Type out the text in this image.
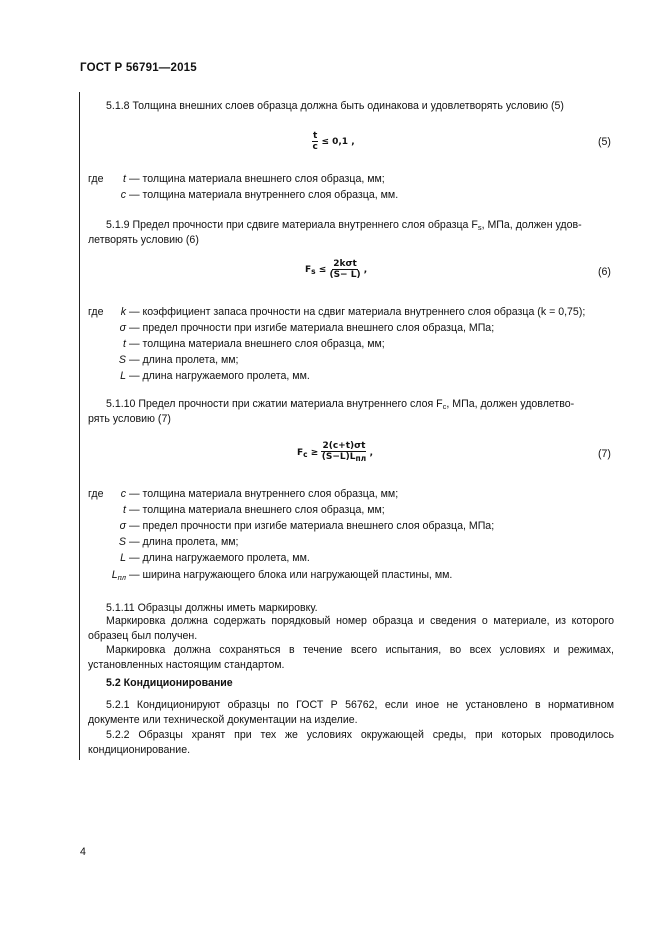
ГОСТ Р 56791—2015
5.1.8 Толщина внешних слоев образца должна быть одинакова и удовлетворять условию (5)
$\frac{t}{c} \le 0,1$ ,	(5)
где	t — толщина материала внешнего слоя образца, мм;
c — толщина материала внутреннего слоя образца, мм.
5.1.9 Предел прочности при сдвиге материала внутреннего слоя образца $F_s$, МПа, должен удов-
летворять условию (6)
$F_s \le \frac{\text{2kσt}}{(S- L)}$ ,	(6)
где	k — коэффициент запаса прочности на сдвиг материала внутреннего слоя образца (k = 0,75);
σ — предел прочности при изгибе материала внешнего слоя образца, МПа;
t — толщина материала внешнего слоя образца, мм;
S — длина пролета, мм;
L — длина нагружаемого пролета, мм.
5.1.10 Предел прочности при сжатии материала внутреннего слоя $F_c$, МПа, должен удовлетво-
рять условию (7)
$F_c \ge \frac{2(c+t)\sigma t}{(S-L)L_{пл}}$ ,	(7)
где	c — толщина материала внутреннего слоя образца, мм;
t — толщина материала внешнего слоя образца, мм;
σ — предел прочности при изгибе материала внешнего слоя образца, МПа;
S — длина пролета, мм;
L — длина нагружаемого пролета, мм.
$L_{пл}$ — ширина нагружающего блока или нагружающей пластины, мм.
5.1.11 Образцы должны иметь маркировку.
Маркировка должна содержать порядковый номер образца и сведения о материале, из которого образец был получен.
Маркировка должна сохраняться в течение всего испытания, во всех условиях и режимах, установленных настоящим стандартом.
5.2 Кондиционирование
5.2.1 Кондиционируют образцы по ГОСТ Р 56762, если иное не установлено в нормативном документе или технической документации на изделие.
5.2.2 Образцы хранят при тех же условиях окружающей среды, при которых проводилось кондиционирование.
4
